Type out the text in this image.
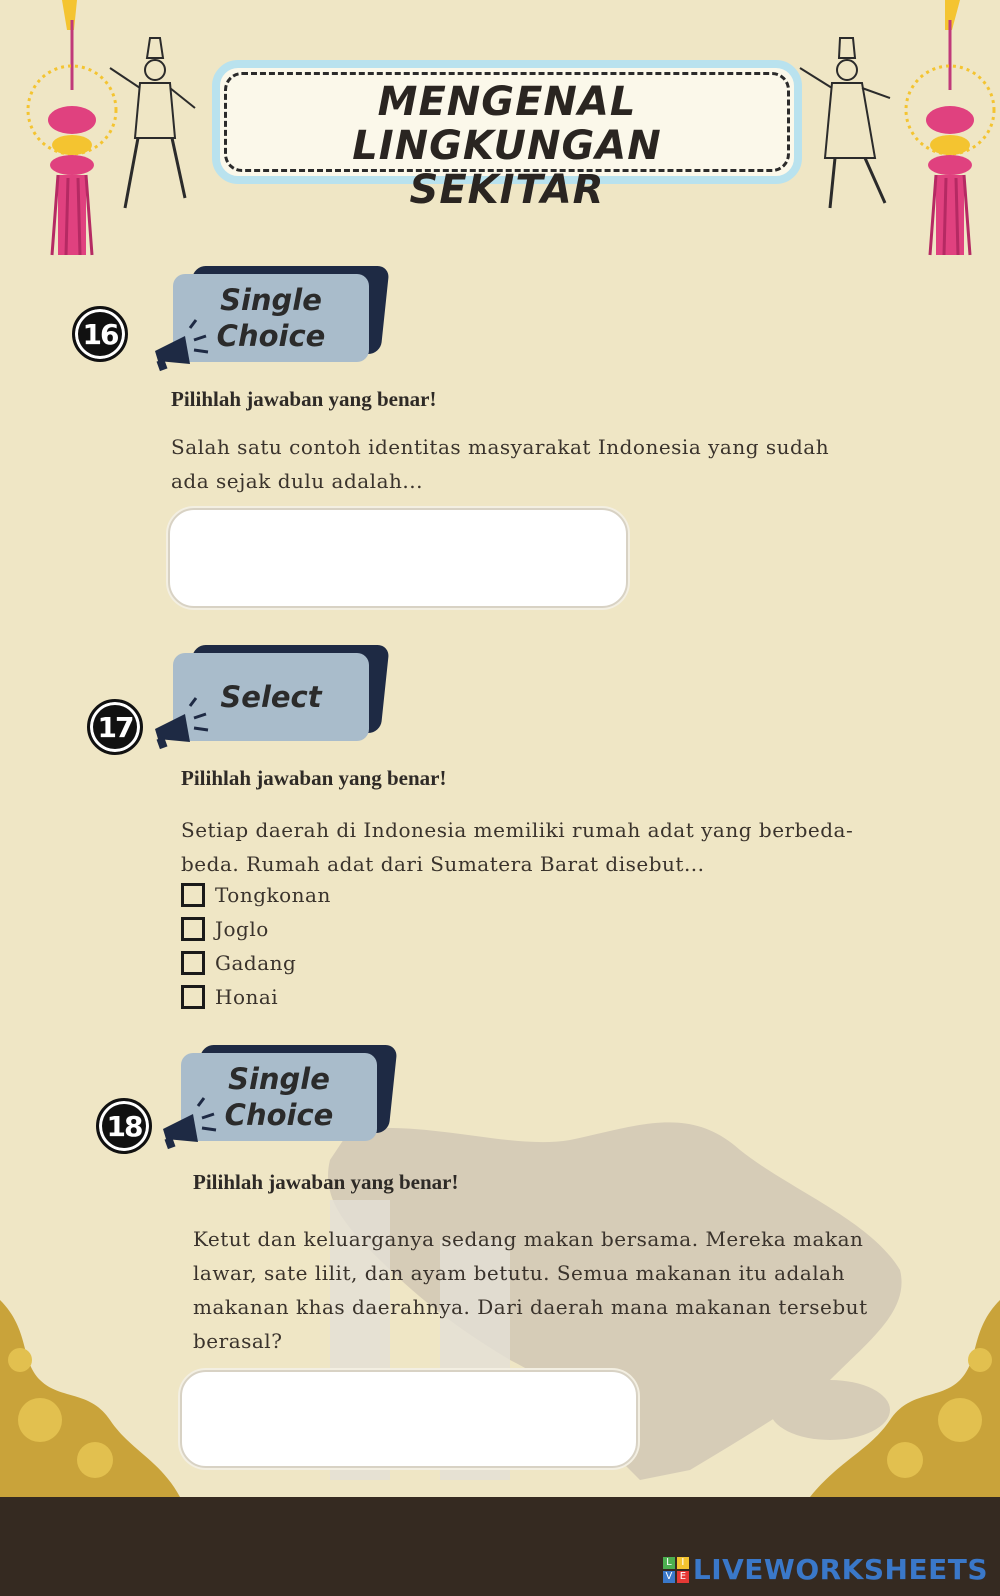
MENGENAL LINGKUNGAN
SEKITAR
16
Single
Choice
Pilihlah jawaban yang benar!
Salah satu contoh identitas masyarakat Indonesia yang sudah
ada sejak dulu adalah...
17
Select
Pilihlah jawaban yang benar!
Setiap daerah di Indonesia memiliki rumah adat yang berbeda-
beda. Rumah adat dari Sumatera Barat disebut...
Tongkonan
Joglo
Gadang
Honai
18
Single
Choice
Pilihlah jawaban yang benar!
Ketut dan keluarganya sedang makan bersama. Mereka makan
lawar, sate lilit, dan ayam betutu. Semua makanan itu adalah
makanan khas daerahnya. Dari daerah mana makanan tersebut
berasal?
L I
V E LIVEWORKSHEETS
